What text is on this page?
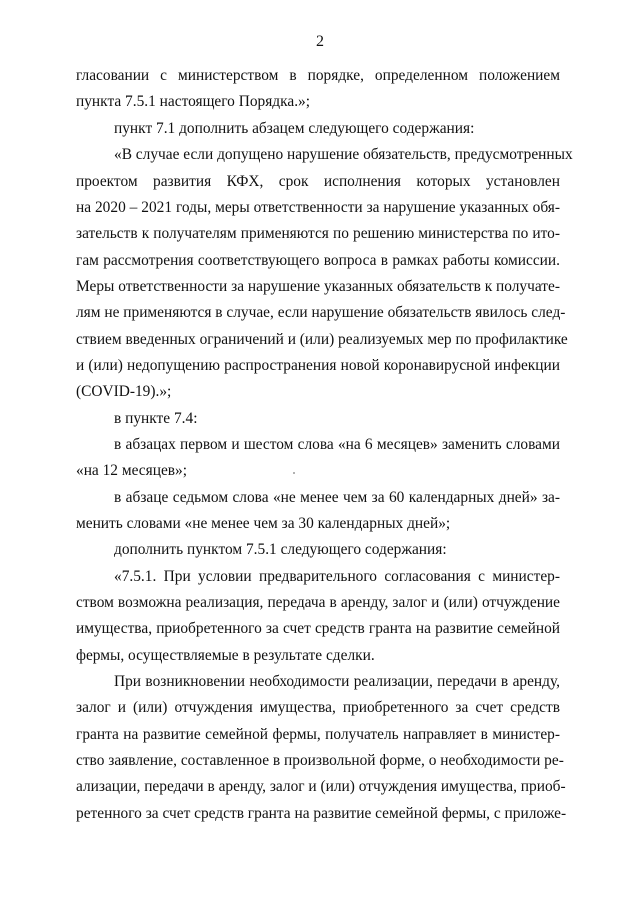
2
гласовании с министерством в порядке, определенном положением
пункта 7.5.1 настоящего Порядка.»;
пункт 7.1 дополнить абзацем следующего содержания:
«В случае если допущено нарушение обязательств, предусмотренных
проектом развития КФХ, срок исполнения которых установлен
на 2020 – 2021 годы, меры ответственности за нарушение указанных обя-
зательств к получателям применяются по решению министерства по ито-
гам рассмотрения соответствующего вопроса в рамках работы комиссии.
Меры ответственности за нарушение указанных обязательств к получате-
лям не применяются в случае, если нарушение обязательств явилось след-
ствием введенных ограничений и (или) реализуемых мер по профилактике
и (или) недопущению распространения новой коронавирусной инфекции
(COVID-19).»;
в пункте 7.4:
в абзацах первом и шестом слова «на 6 месяцев» заменить словами
«на 12 месяцев»;
в абзаце седьмом слова «не менее чем за 60 календарных дней» за-
менить словами «не менее чем за 30 календарных дней»;
дополнить пунктом 7.5.1 следующего содержания:
«7.5.1. При условии предварительного согласования с министер-
ством возможна реализация, передача в аренду, залог и (или) отчуждение
имущества, приобретенного за счет средств гранта на развитие семейной
фермы, осуществляемые в результате сделки.
При возникновении необходимости реализации, передачи в аренду,
залог и (или) отчуждения имущества, приобретенного за счет средств
гранта на развитие семейной фермы, получатель направляет в министер-
ство заявление, составленное в произвольной форме, о необходимости ре-
ализации, передачи в аренду, залог и (или) отчуждения имущества, приоб-
ретенного за счет средств гранта на развитие семейной фермы, с приложе-
